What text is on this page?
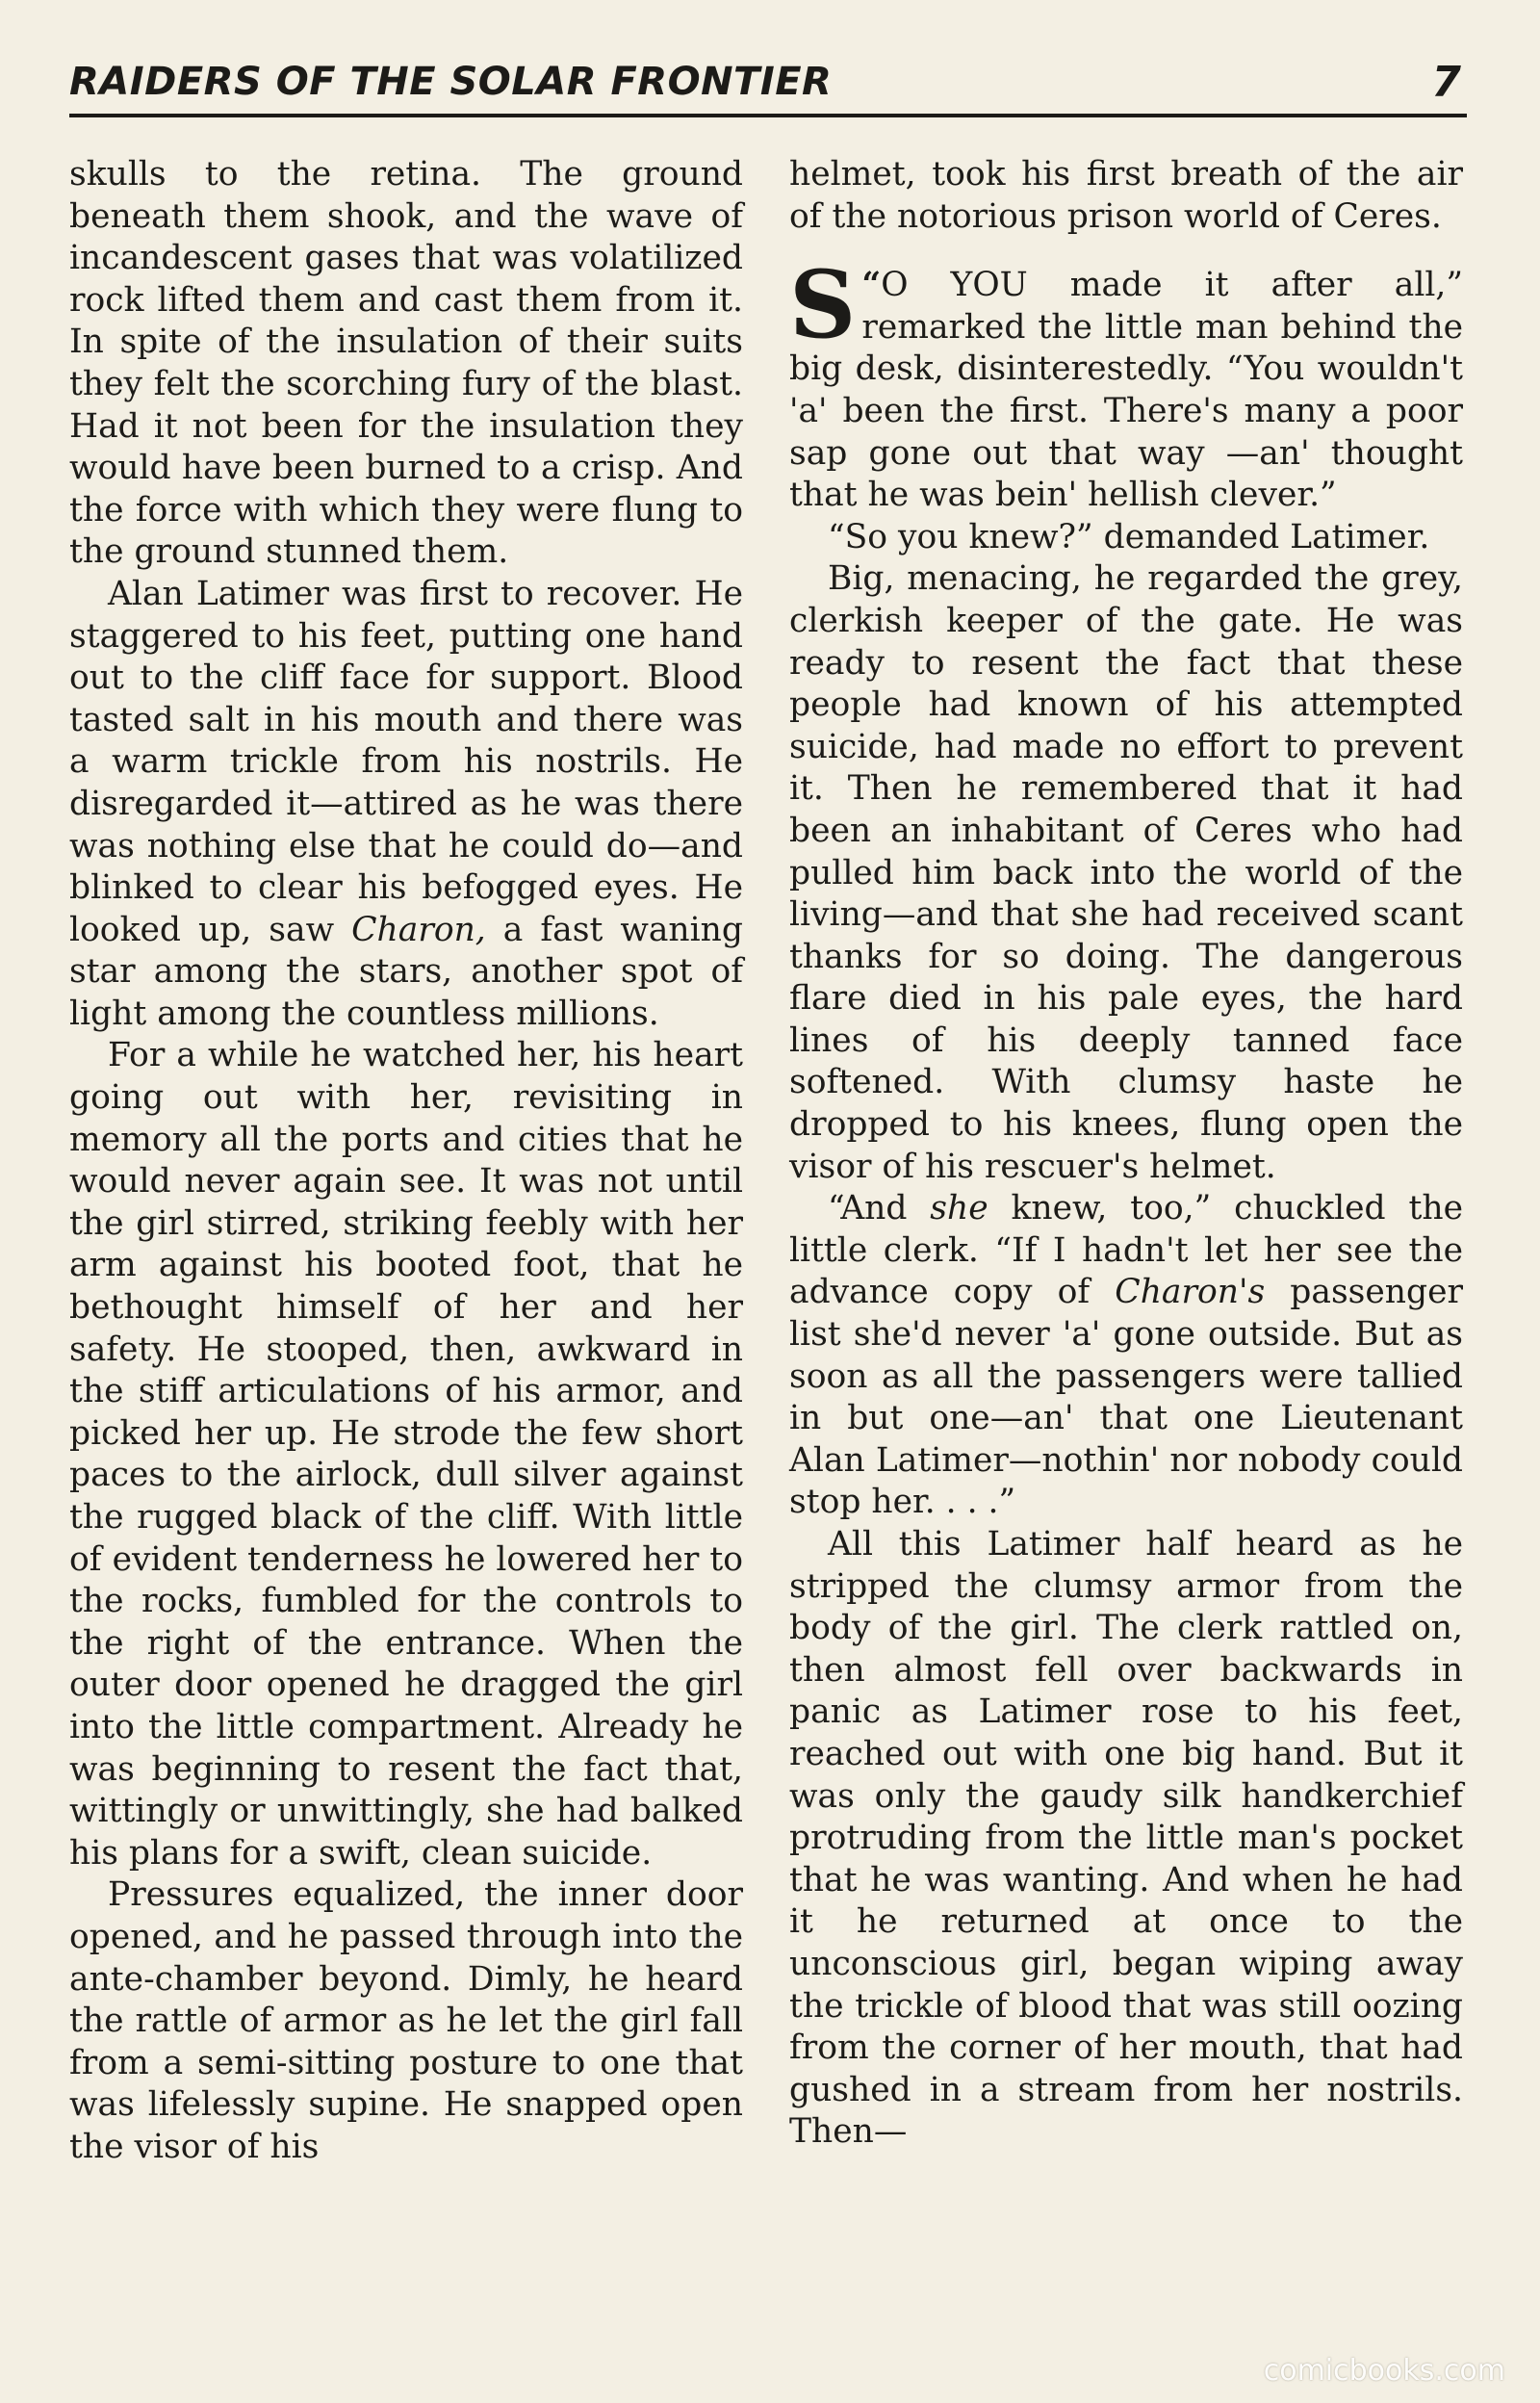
RAIDERS OF THE SOLAR FRONTIER	7

skulls to the retina. The ground beneath them shook, and the wave of incandescent gases that was volatilized rock lifted them and cast them from it. In spite of the insulation of their suits they felt the scorching fury of the blast. Had it not been for the insulation they would have been burned to a crisp. And the force with which they were flung to the ground stunned them.

Alan Latimer was first to recover. He staggered to his feet, putting one hand out to the cliff face for support. Blood tasted salt in his mouth and there was a warm trickle from his nostrils. He disregarded it—attired as he was there was nothing else that he could do—and blinked to clear his befogged eyes. He looked up, saw Charon, a fast waning star among the stars, another spot of light among the countless millions.

For a while he watched her, his heart going out with her, revisiting in memory all the ports and cities that he would never again see. It was not until the girl stirred, striking feebly with her arm against his booted foot, that he bethought himself of her and her safety. He stooped, then, awkward in the stiff articulations of his armor, and picked her up. He strode the few short paces to the airlock, dull silver against the rugged black of the cliff. With little of evident tenderness he lowered her to the rocks, fumbled for the controls to the right of the entrance. When the outer door opened he dragged the girl into the little compartment. Already he was beginning to resent the fact that, wittingly or unwittingly, she had balked his plans for a swift, clean suicide.

Pressures equalized, the inner door opened, and he passed through into the ante-chamber beyond. Dimly, he heard the rattle of armor as he let the girl fall from a semi-sitting posture to one that was lifelessly supine. He snapped open the visor of his

helmet, took his first breath of the air of the notorious prison world of Ceres.

“
S O YOU made it after all,” remarked the little man behind the big desk, disinterestedly. “You wouldn't 'a' been the first. There's many a poor sap gone out that way —an' thought that he was bein' hellish clever.”

“So you knew?” demanded Latimer.

Big, menacing, he regarded the grey, clerkish keeper of the gate. He was ready to resent the fact that these people had known of his attempted suicide, had made no effort to prevent it. Then he remembered that it had been an inhabitant of Ceres who had pulled him back into the world of the living—and that she had received scant thanks for so doing. The dangerous flare died in his pale eyes, the hard lines of his deeply tanned face softened. With clumsy haste he dropped to his knees, flung open the visor of his rescuer's helmet.

“And she knew, too,” chuckled the little clerk. “If I hadn't let her see the advance copy of Charon's passenger list she'd never 'a' gone outside. But as soon as all the passengers were tallied in but one—an' that one Lieutenant Alan Latimer—nothin' nor nobody could stop her. . . .”

All this Latimer half heard as he stripped the clumsy armor from the body of the girl. The clerk rattled on, then almost fell over backwards in panic as Latimer rose to his feet, reached out with one big hand. But it was only the gaudy silk handkerchief protruding from the little man's pocket that he was wanting. And when he had it he returned at once to the unconscious girl, began wiping away the trickle of blood that was still oozing from the corner of her mouth, that had gushed in a stream from her nostrils. Then—

comicbooks.com
